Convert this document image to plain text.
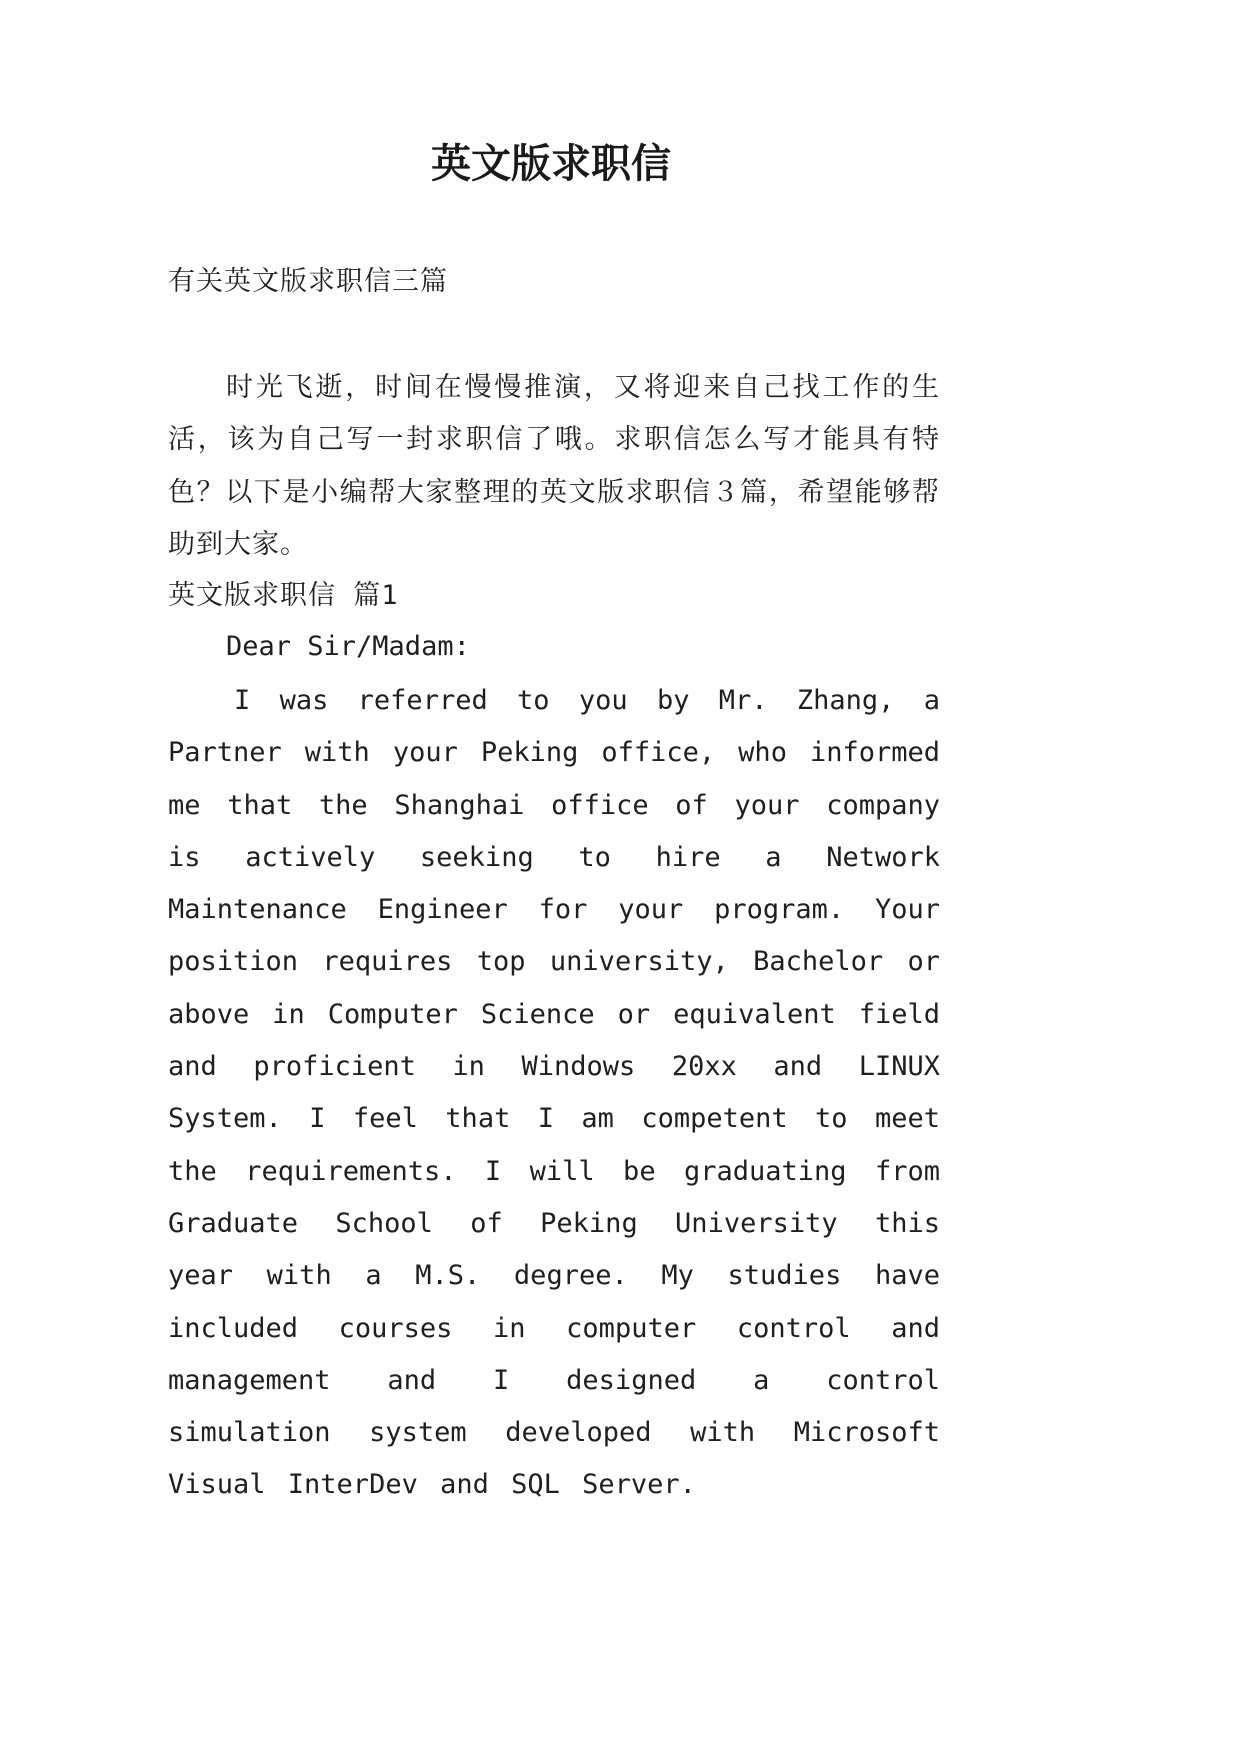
英文版求职信
有关英文版求职信三篇
时光飞逝，时间在慢慢推演，又将迎来自己找工作的生活，该为自己写一封求职信了哦。求职信怎么写才能具有特色？以下是小编帮大家整理的英文版求职信３篇，希望能够帮助到大家。
英文版求职信 篇1
Dear Sir/Madam:
I was referred to you by Mr. Zhang, a Partner with your Peking office, who informed me that the Shanghai office of your company is actively seeking to hire a Network Maintenance Engineer for your program. Your position requires top university, Bachelor or above in Computer Science or equivalent field and proficient in Windows 20xx and LINUX System. I feel that I am competent to meet the requirements. I will be graduating from Graduate School of Peking University this year with a M.S. degree. My studies have included courses in computer control and management and I designed a control simulation system developed with Microsoft Visual InterDev and SQL Server.
